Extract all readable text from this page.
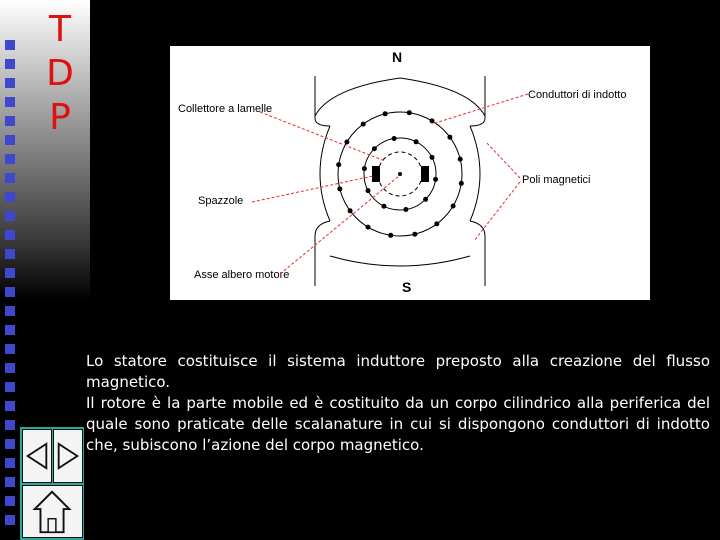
T
D
P
N
S
Collettore a lamelle
Spazzole
Asse albero motore
Conduttori di indotto
Poli magnetici

Lo statore costituisce il sistema induttore preposto alla creazione del flusso magnetico.

Il rotore è la parte mobile ed è costituito da un corpo cilindrico alla periferica del quale sono praticate delle scalanature in cui si dispongono conduttori di indotto che, subiscono l’azione del corpo magnetico.
